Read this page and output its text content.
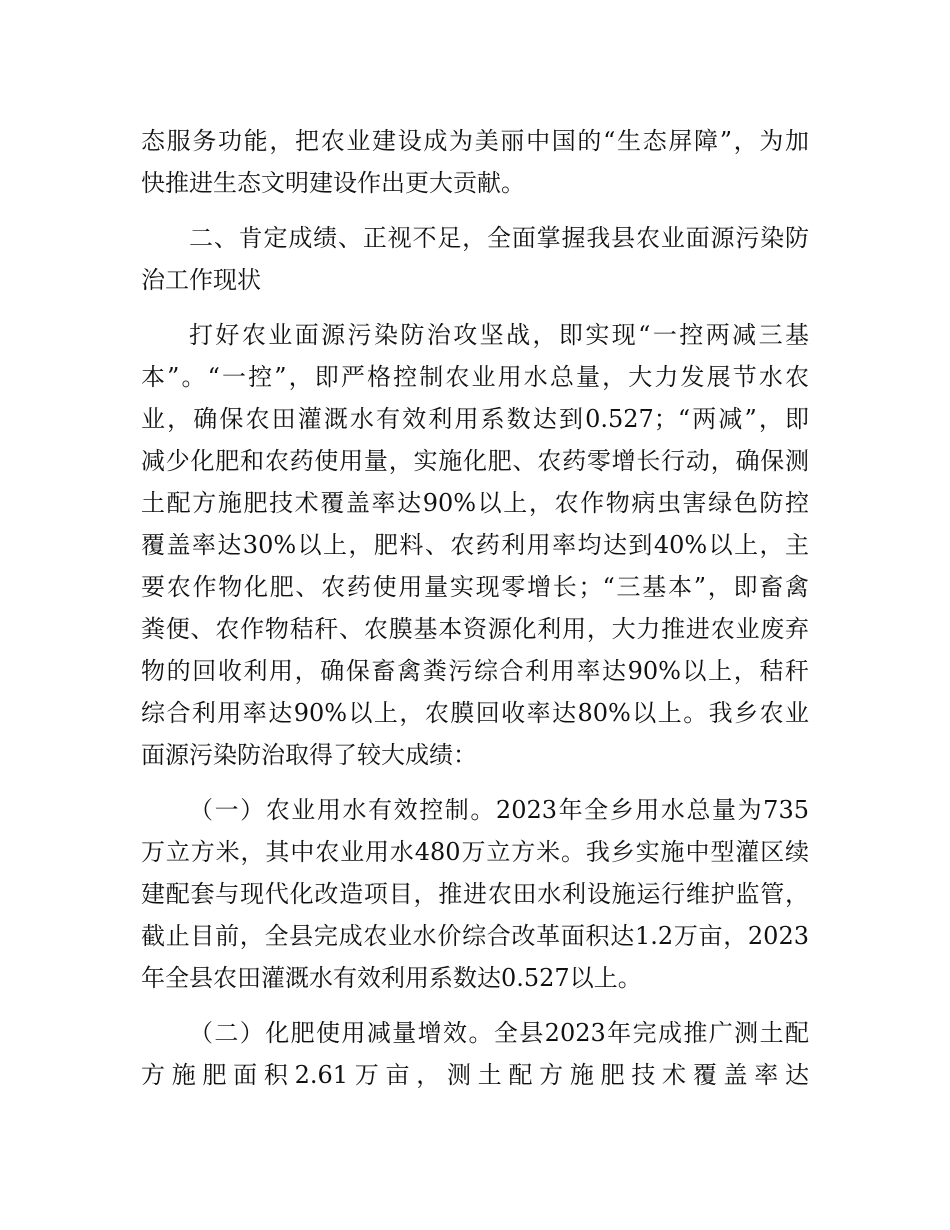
态服务功能，把农业建设成为美丽中国的“生态屏障”，为加
快推进生态文明建设作出更大贡献。
二、肯定成绩、正视不足，全面掌握我县农业面源污染防
治工作现状
打好农业面源污染防治攻坚战，即实现“一控两减三基
本”。“一控”，即严格控制农业用水总量，大力发展节水农
业，确保农田灌溉水有效利用系数达到0.527；“两减”，即
减少化肥和农药使用量，实施化肥、农药零增长行动，确保测
土配方施肥技术覆盖率达90%以上，农作物病虫害绿色防控
覆盖率达30%以上，肥料、农药利用率均达到40%以上，主
要农作物化肥、农药使用量实现零增长；“三基本”，即畜禽
粪便、农作物秸秆、农膜基本资源化利用，大力推进农业废弃
物的回收利用，确保畜禽粪污综合利用率达90%以上，秸秆
综合利用率达90%以上，农膜回收率达80%以上。我乡农业
面源污染防治取得了较大成绩：
（一）农业用水有效控制。2023年全乡用水总量为735
万立方米，其中农业用水480万立方米。我乡实施中型灌区续
建配套与现代化改造项目，推进农田水利设施运行维护监管，
截止目前，全县完成农业水价综合改革面积达1.2万亩，2023
年全县农田灌溉水有效利用系数达0.527以上。
（二）化肥使用减量增效。全县2023年完成推广测土配
方施肥面积2.61万亩，测土配方施肥技术覆盖率达
